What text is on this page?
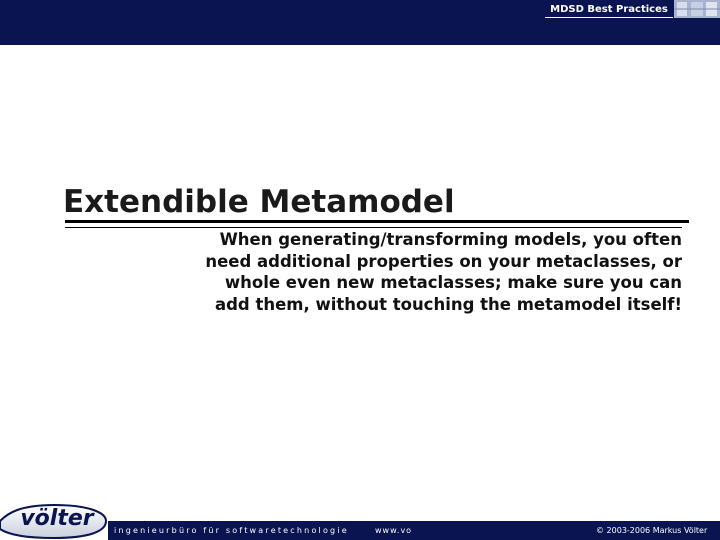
MDSD Best Practices
Extendible Metamodel

When generating/transforming models, you often need additional properties on your metaclasses, or whole even new metaclasses; make sure you can add them, without touching the metamodel itself!

völter	ingenieurbüro für softwaretechnologie	www.vo	© 2003-2006 Markus Völter
